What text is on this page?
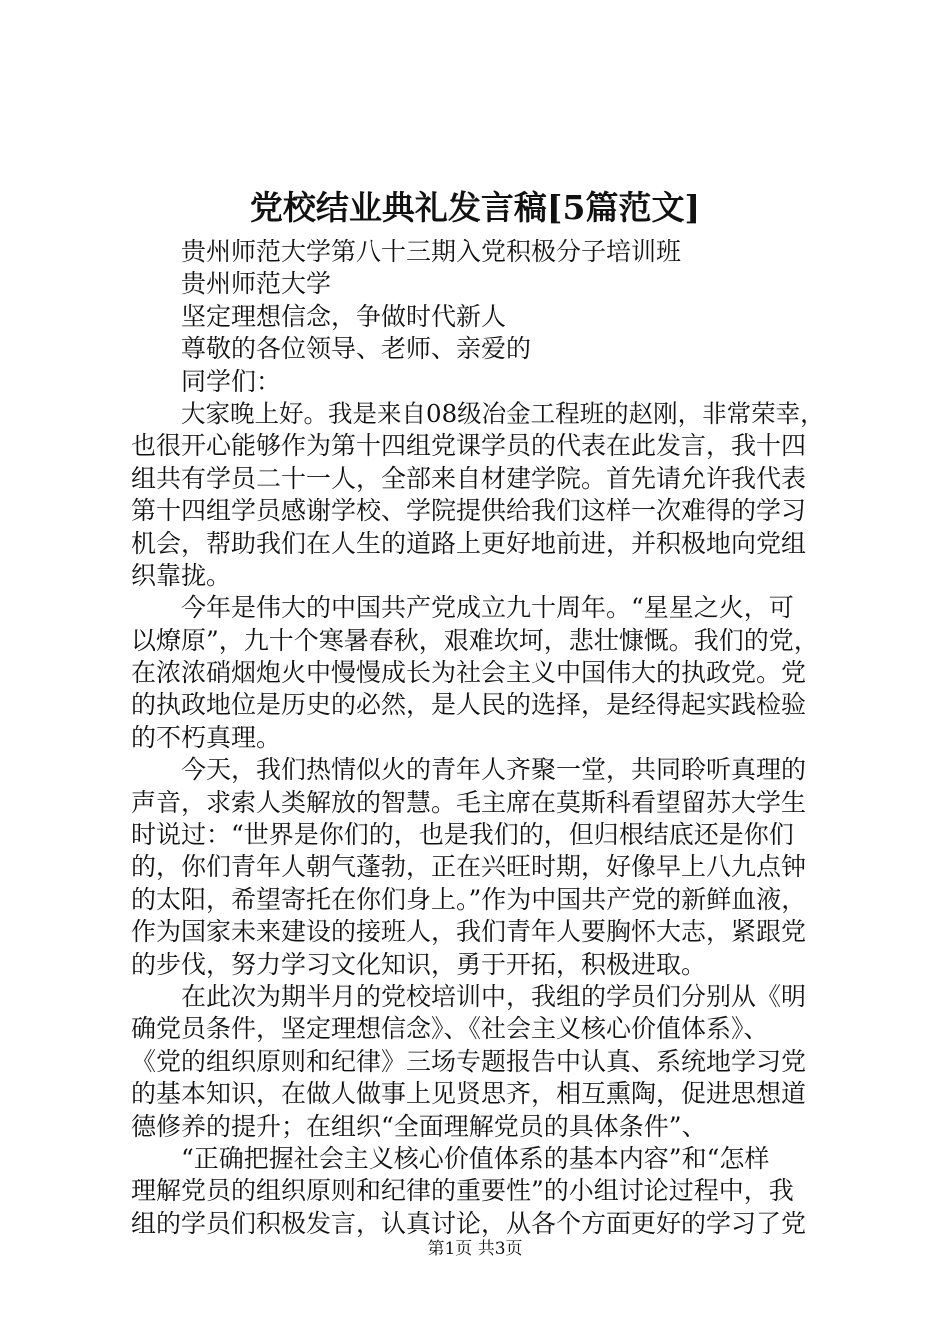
党校结业典礼发言稿[5篇范文]
贵州师范大学第八十三期入党积极分子培训班
贵州师范大学
坚定理想信念，争做时代新人
尊敬的各位领导、老师、亲爱的
同学们：
大家晚上好。我是来自08级冶金工程班的赵刚，非常荣幸，
也很开心能够作为第十四组党课学员的代表在此发言，我十四
组共有学员二十一人，全部来自材建学院。首先请允许我代表
第十四组学员感谢学校、学院提供给我们这样一次难得的学习
机会，帮助我们在人生的道路上更好地前进，并积极地向党组
织靠拢。
今年是伟大的中国共产党成立九十周年。“星星之火，可
以燎原”，九十个寒暑春秋，艰难坎坷，悲壮慷慨。我们的党，
在浓浓硝烟炮火中慢慢成长为社会主义中国伟大的执政党。党
的执政地位是历史的必然，是人民的选择，是经得起实践检验
的不朽真理。
今天，我们热情似火的青年人齐聚一堂，共同聆听真理的
声音，求索人类解放的智慧。毛主席在莫斯科看望留苏大学生
时说过：“世界是你们的，也是我们的，但归根结底还是你们
的，你们青年人朝气蓬勃，正在兴旺时期，好像早上八九点钟
的太阳，希望寄托在你们身上。”作为中国共产党的新鲜血液，
作为国家未来建设的接班人，我们青年人要胸怀大志，紧跟党
的步伐，努力学习文化知识，勇于开拓，积极进取。
在此次为期半月的党校培训中，我组的学员们分别从《明
确党员条件，坚定理想信念》、《社会主义核心价值体系》、
《党的组织原则和纪律》三场专题报告中认真、系统地学习党
的基本知识，在做人做事上见贤思齐，相互熏陶，促进思想道
德修养的提升；在组织“全面理解党员的具体条件”、
“正确把握社会主义核心价值体系的基本内容”和“怎样
理解党员的组织原则和纪律的重要性”的小组讨论过程中，我
组的学员们积极发言，认真讨论，从各个方面更好的学习了党
第1页 共3页
